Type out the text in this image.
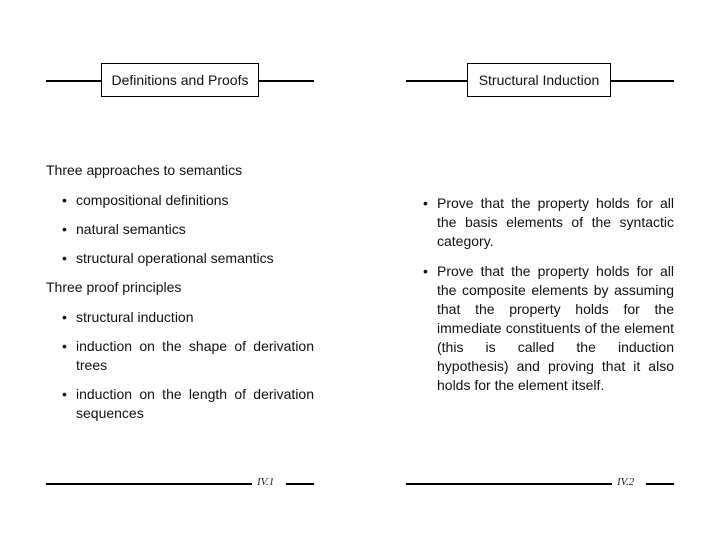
Definitions and Proofs
Three approaches to semantics
• compositional definitions
• natural semantics
• structural operational semantics
Three proof principles
• structural induction
• induction on the shape of derivation trees
• induction on the length of derivation sequences
IV.1
Structural Induction
• Prove that the property holds for all the basis elements of the syntactic category.
• Prove that the property holds for all the composite elements by assuming that the property holds for the immediate constituents of the element (this is called the induction hypothesis) and proving that it also holds for the element itself.
IV.2
